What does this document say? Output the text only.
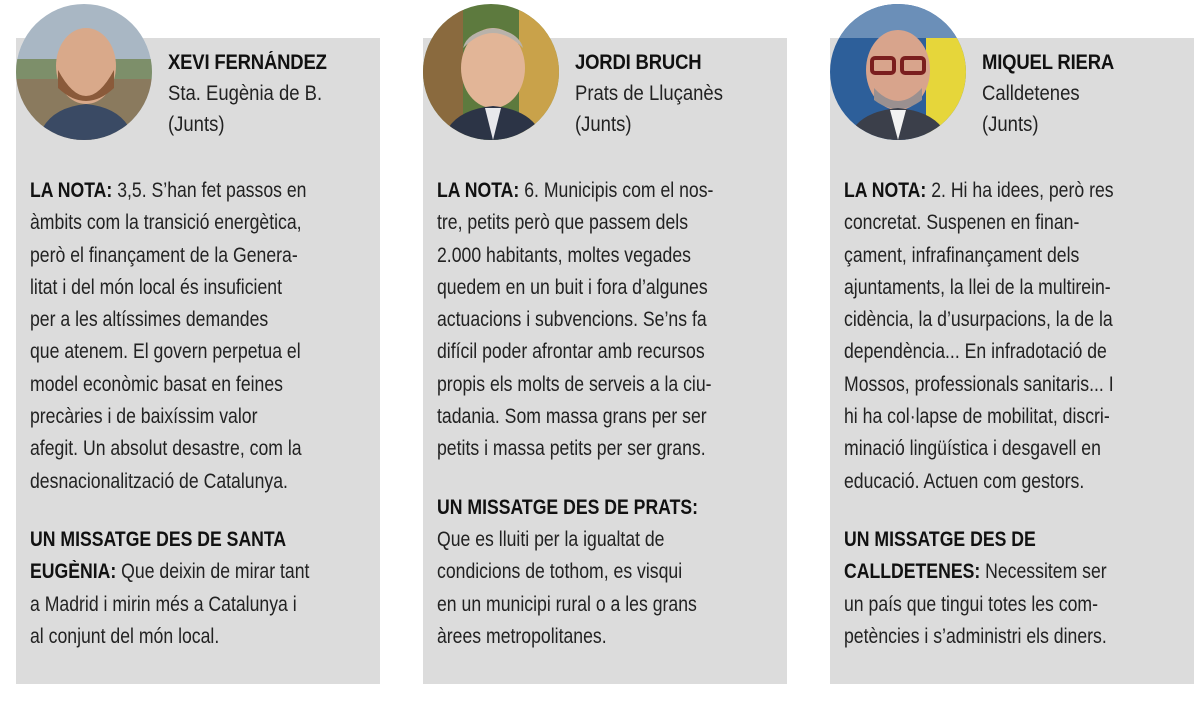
XEVI FERNÁNDEZ
Sta. Eugènia de B.
(Junts)
LA NOTA: 3,5. S’han fet passos en
àmbits com la transició energètica,
però el finançament de la Genera-
litat i del món local és insuficient
per a les altíssimes demandes
que atenem. El govern perpetua el
model econòmic basat en feines
precàries i de baixíssim valor
afegit. Un absolut desastre, com la
desnacionalització de Catalunya.
UN MISSATGE DES DE SANTA
EUGÈNIA: Que deixin de mirar tant
a Madrid i mirin més a Catalunya i
al conjunt del món local.
JORDI BRUCH
Prats de Lluçanès
(Junts)
LA NOTA: 6. Municipis com el nos-
tre, petits però que passem dels
2.000 habitants, moltes vegades
quedem en un buit i fora d’algunes
actuacions i subvencions. Se’ns fa
difícil poder afrontar amb recursos
propis els molts de serveis a la ciu-
tadania. Som massa grans per ser
petits i massa petits per ser grans.
UN MISSATGE DES DE PRATS:
Que es lluiti per la igualtat de
condicions de tothom, es visqui
en un municipi rural o a les grans
àrees metropolitanes.
MIQUEL RIERA
Calldetenes
(Junts)
LA NOTA: 2. Hi ha idees, però res
concretat. Suspenen en finan-
çament, infrafinançament dels
ajuntaments, la llei de la multirein-
cidència, la d’usurpacions, la de la
dependència... En infradotació de
Mossos, professionals sanitaris... I
hi ha col·lapse de mobilitat, discri-
minació lingüística i desgavell en
educació. Actuen com gestors.
UN MISSATGE DES DE
CALLDETENES: Necessitem ser
un país que tingui totes les com-
petències i s’administri els diners.
